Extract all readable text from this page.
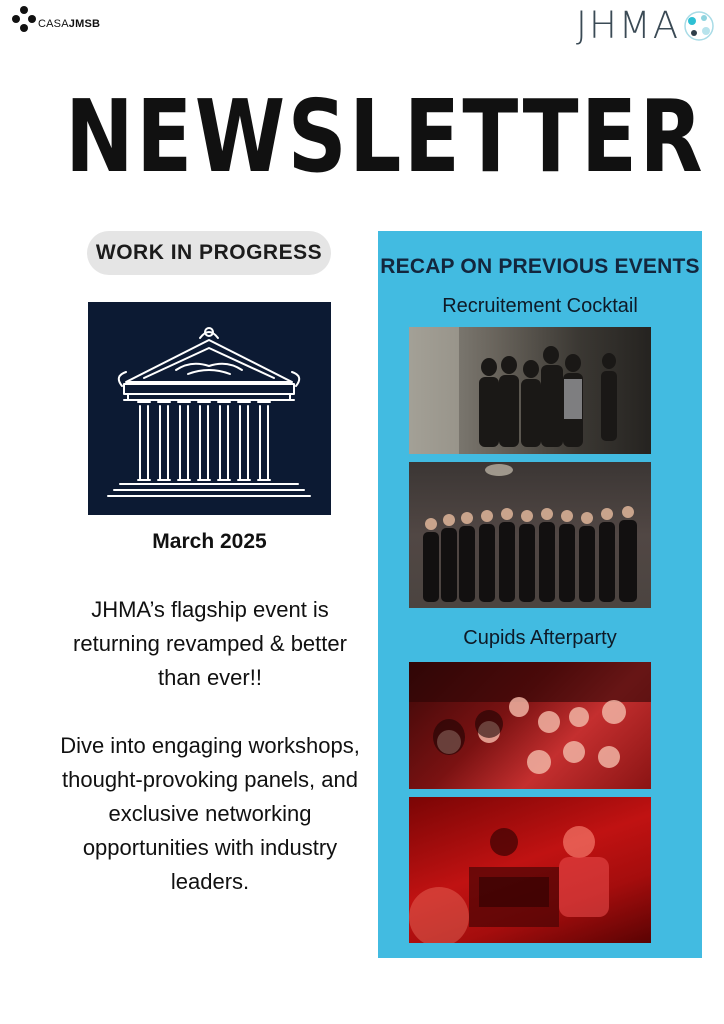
CASAJMSB	JHMA
NEWSLETTER
WORK IN PROGRESS
March 2025

JHMA’s flagship event is returning revamped & better than ever!!

Dive into engaging workshops, thought-provoking panels, and exclusive networking opportunities with industry leaders.

RECAP ON PREVIOUS EVENTS
Recruitement Cocktail
Cupids Afterparty
